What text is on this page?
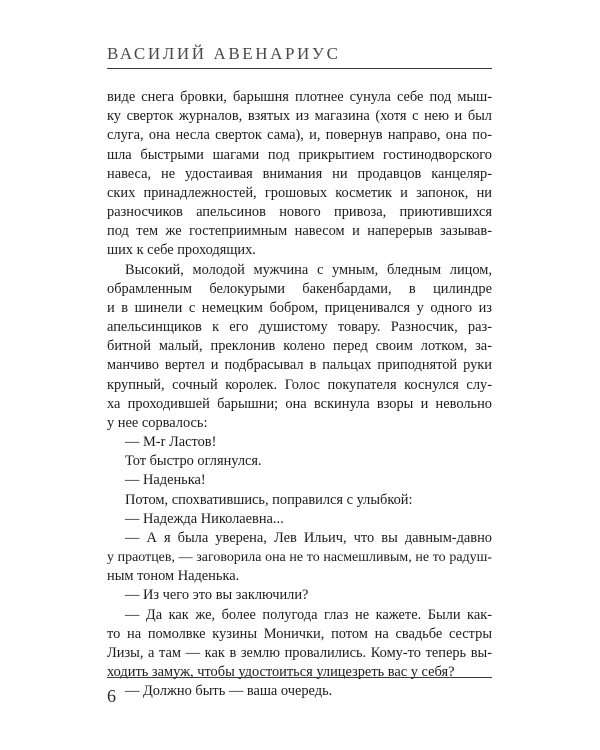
ВАСИЛИЙ АВЕНАРИУС
виде снега бровки, барышня плотнее сунула себе под мыш-
ку сверток журналов, взятых из магазина (хотя с нею и был
слуга, она несла сверток сама), и, повернув направо, она по-
шла быстрыми шагами под прикрытием гостинодворского
навеса, не удостаивая внимания ни продавцов канцеляр-
ских принадлежностей, грошовых косметик и запонок, ни
разносчиков апельсинов нового привоза, приютившихся
под тем же гостеприимным навесом и наперерыв зазывав-
ших к себе проходящих.
Высокий, молодой мужчина с умным, бледным лицом,
обрамленным белокурыми бакенбардами, в цилиндре
и в шинели с немецким бобром, приценивался у одного из
апельсинщиков к его душистому товару. Разносчик, раз-
битной малый, преклонив колено перед своим лотком, за-
манчиво вертел и подбрасывал в пальцах приподнятой руки
крупный, сочный королек. Голос покупателя коснулся слу-
ха проходившей барышни; она вскинула взоры и невольно
у нее сорвалось:
— M-r Ластов!
Тот быстро оглянулся.
— Наденька!
Потом, спохватившись, поправился с улыбкой:
— Надежда Николаевна...
— А я была уверена, Лев Ильич, что вы давным-давно
у праотцев, — заговорила она не то насмешливым, не то радуш-
ным тоном Наденька.
— Из чего это вы заключили?
— Да как же, более полугода глаз не кажете. Были как-
то на помолвке кузины Монички, потом на свадьбе сестры
Лизы, а там — как в землю провалились. Кому-то теперь вы-
ходить замуж, чтобы удостоиться улицезреть вас у себя?
— Должно быть — ваша очередь.
6
